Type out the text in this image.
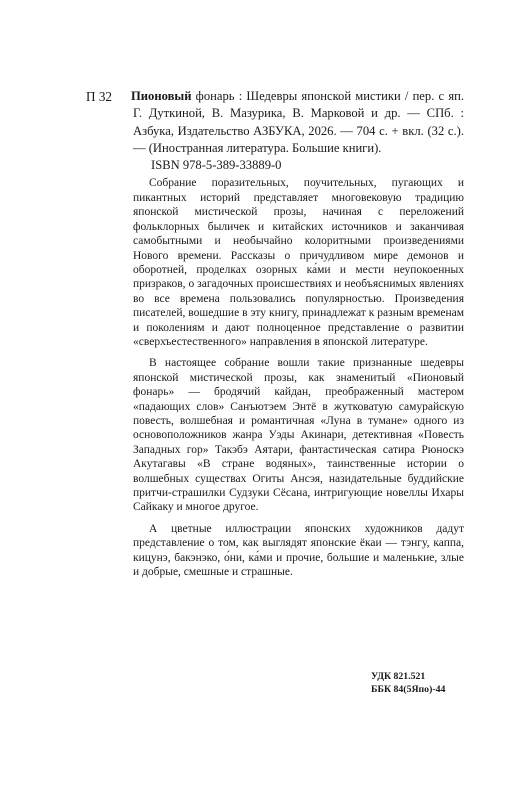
П 32 Пионовый фонарь : Шедевры японской мистики / пер. с яп. Г. Дуткиной, В. Мазурика, В. Марковой и др. — СПб. : Азбука, Издательство АЗБУКА, 2026. — 704 с. + вкл. (32 с.). — (Иностранная литература. Большие книги).

ISBN 978-5-389-33889-0

Собрание поразительных, поучительных, пугающих и пикантных историй представляет многовековую традицию японской мистической прозы, начиная с переложений фольклорных быличек и китайских источников и заканчивая самобытными и необычайно колоритными произведениями Нового времени. Рассказы о причудливом мире демонов и оборотней, проделках озорных ка́ми и мести неупокоенных призраков, о загадочных происшествиях и необъяснимых явлениях во все времена пользовались популярностью. Произведения писателей, вошедшие в эту книгу, принадлежат к разным временам и поколениям и дают полноценное представление о развитии «сверхъестественного» направления в японской литературе.

В настоящее собрание вошли такие признанные шедевры японской мистической прозы, как знаменитый «Пионовый фонарь» — бродячий кайдан, преображенный мастером «падающих слов» Санъютэем Энтё в жутковатую самурайскую повесть, волшебная и романтичная «Луна в тумане» одного из основоположников жанра Уэды Акинари, детективная «Повесть Западных гор» Такэбэ Аятари, фантастическая сатира Рюноскэ Акутагавы «В стране водяных», таинственные истории о волшебных существах Огиты Ансэя, назидательные буддийские притчи-страшилки Судзуки Сёсана, интригующие новеллы Ихары Сайкаку и многое другое.

А цветные иллюстрации японских художников дадут представление о том, как выглядят японские ёкаи — тэнгу, каппа, кицунэ, бакэнэко, о́ни, ка́ми и прочие, большие и маленькие, злые и добрые, смешные и страшные.

УДК 821.521
ББК 84(5Япо)-44
